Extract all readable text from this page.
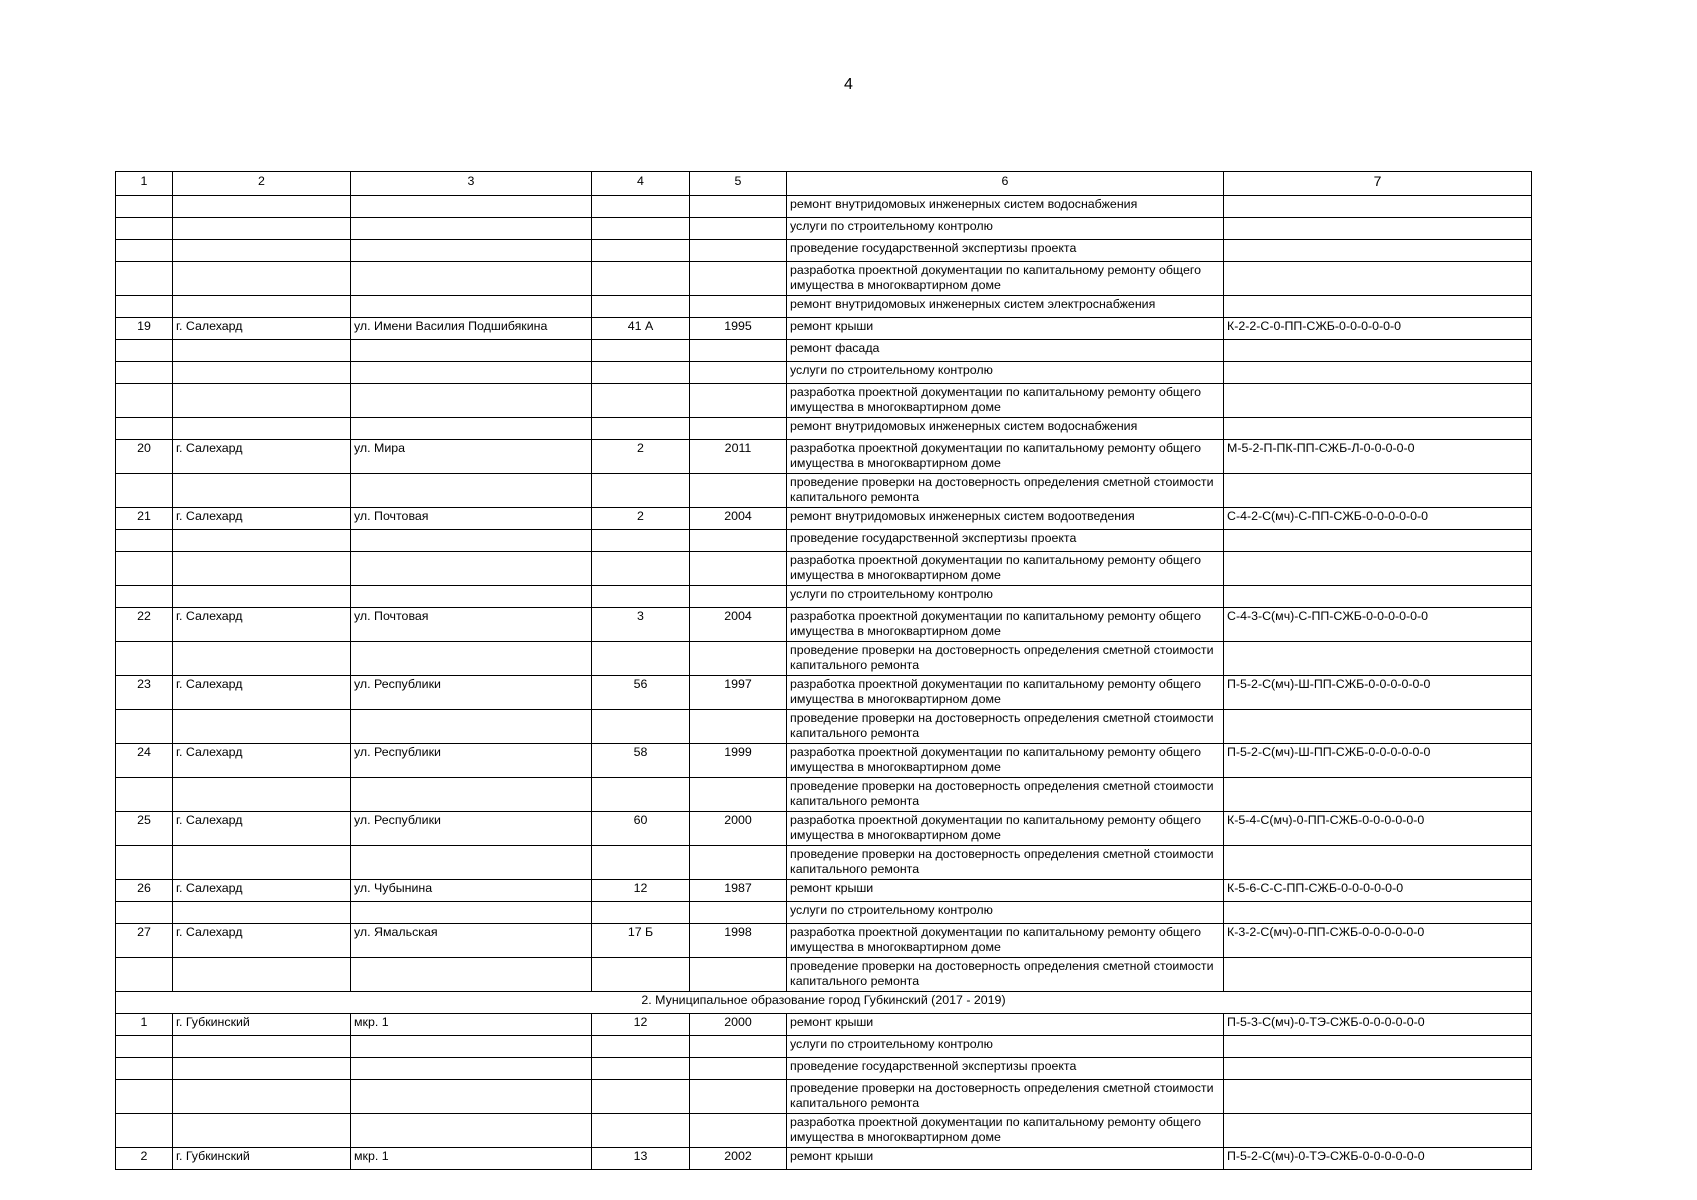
4
1	2	3	4	5	6	7
					ремонт внутридомовых инженерных систем водоснабжения	
					услуги по строительному контролю	
					проведение государственной экспертизы проекта	
					разработка проектной документации по капитальному ремонту общего имущества в многоквартирном доме	
					ремонт внутридомовых инженерных систем электроснабжения	
19	г. Салехард	ул. Имени Василия Подшибякина	41 А	1995	ремонт крыши	К-2-2-С-0-ПП-СЖБ-0-0-0-0-0-0
					ремонт фасада	
					услуги по строительному контролю	
					разработка проектной документации по капитальному ремонту общего имущества в многоквартирном доме	
					ремонт внутридомовых инженерных систем водоснабжения	
20	г. Салехард	ул. Мира	2	2011	разработка проектной документации по капитальному ремонту общего имущества в многоквартирном доме	М-5-2-П-ПК-ПП-СЖБ-Л-0-0-0-0-0
					проведение проверки на достоверность определения сметной стоимости капитального ремонта	
21	г. Салехард	ул. Почтовая	2	2004	ремонт внутридомовых инженерных систем водоотведения	С-4-2-С(мч)-С-ПП-СЖБ-0-0-0-0-0-0
					проведение государственной экспертизы проекта	
					разработка проектной документации по капитальному ремонту общего имущества в многоквартирном доме	
					услуги по строительному контролю	
22	г. Салехард	ул. Почтовая	3	2004	разработка проектной документации по капитальному ремонту общего имущества в многоквартирном доме	С-4-3-С(мч)-С-ПП-СЖБ-0-0-0-0-0-0
					проведение проверки на достоверность определения сметной стоимости капитального ремонта	
23	г. Салехард	ул. Республики	56	1997	разработка проектной документации по капитальному ремонту общего имущества в многоквартирном доме	П-5-2-С(мч)-Ш-ПП-СЖБ-0-0-0-0-0-0
					проведение проверки на достоверность определения сметной стоимости капитального ремонта	
24	г. Салехард	ул. Республики	58	1999	разработка проектной документации по капитальному ремонту общего имущества в многоквартирном доме	П-5-2-С(мч)-Ш-ПП-СЖБ-0-0-0-0-0-0
					проведение проверки на достоверность определения сметной стоимости капитального ремонта	
25	г. Салехард	ул. Республики	60	2000	разработка проектной документации по капитальному ремонту общего имущества в многоквартирном доме	К-5-4-С(мч)-0-ПП-СЖБ-0-0-0-0-0-0
					проведение проверки на достоверность определения сметной стоимости капитального ремонта	
26	г. Салехард	ул. Чубынина	12	1987	ремонт крыши	К-5-6-С-С-ПП-СЖБ-0-0-0-0-0-0
					услуги по строительному контролю	
27	г. Салехард	ул. Ямальская	17 Б	1998	разработка проектной документации по капитальному ремонту общего имущества в многоквартирном доме	К-3-2-С(мч)-0-ПП-СЖБ-0-0-0-0-0-0
					проведение проверки на достоверность определения сметной стоимости капитального ремонта	
2. Муниципальное образование город Губкинский (2017 - 2019)						
1	г. Губкинский	мкр. 1	12	2000	ремонт крыши	П-5-3-С(мч)-0-ТЭ-СЖБ-0-0-0-0-0-0
					услуги по строительному контролю	
					проведение государственной экспертизы проекта	
					проведение проверки на достоверность определения сметной стоимости капитального ремонта	
					разработка проектной документации по капитальному ремонту общего имущества в многоквартирном доме	
2	г. Губкинский	мкр. 1	13	2002	ремонт крыши	П-5-2-С(мч)-0-ТЭ-СЖБ-0-0-0-0-0-0
